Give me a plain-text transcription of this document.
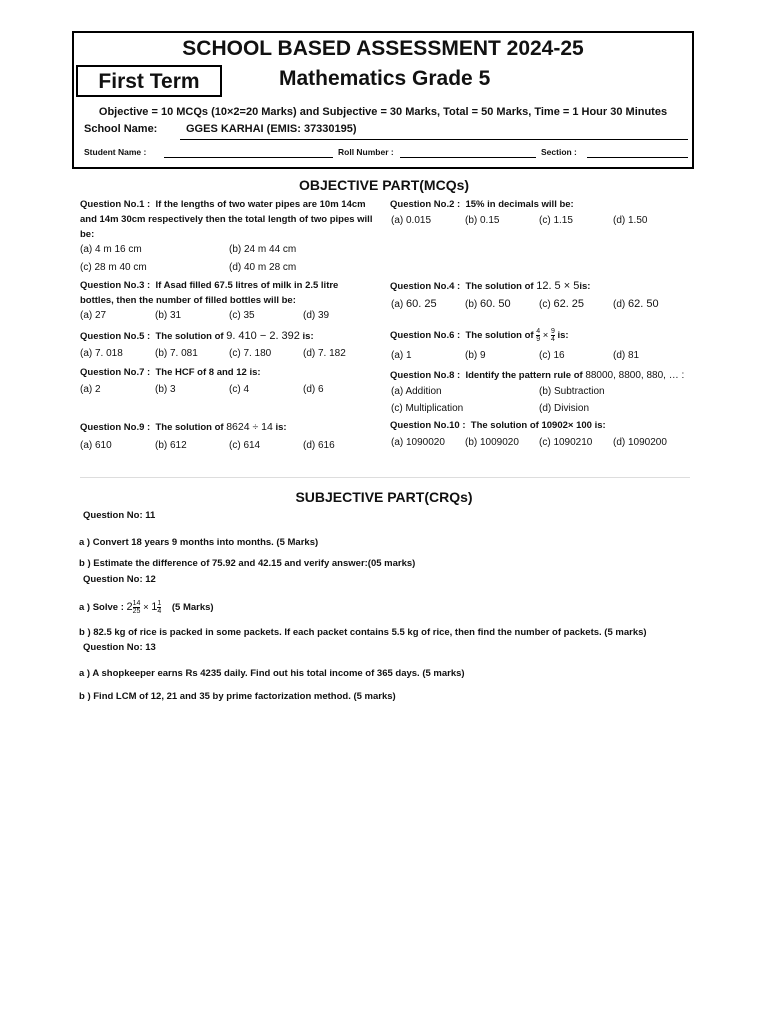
SCHOOL BASED ASSESSMENT 2024-25
First Term	Mathematics Grade 5
Objective = 10 MCQs (10×2=20 Marks) and Subjective = 30 Marks, Total = 50 Marks, Time = 1 Hour 30 Minutes
School Name:	GGES KARHAI (EMIS: 37330195)
Student Name :	Roll Number :	Section :
OBJECTIVE PART(MCQs)
Question No.1 : If the lengths of two water pipes are 10m 14cm
and 14m 30cm respectively then the total length of two pipes will
be:
(a) 4 m 16 cm	(b) 24 m 44 cm
(c) 28 m 40 cm	(d) 40 m 28 cm
Question No.2 : 15% in decimals will be:
(a) 0.015	(b) 0.15	(c) 1.15	(d) 1.50
Question No.3 : If Asad filled 67.5 litres of milk in 2.5 litre
bottles, then the number of filled bottles will be:
(a) 27	(b) 31	(c) 35	(d) 39
Question No.4 : The solution of 12. 5 × 5is:
(a) 60. 25	(b) 60. 50	(c) 62. 25	(d) 62. 50
Question No.5 : The solution of 9. 410 − 2. 392 is:
(a) 7. 018	(b) 7. 081	(c) 7. 180	(d) 7. 182
Question No.6 : The solution of $\frac{4}{9} \times \frac{9}{4}$ is:
(a) 1	(b) 9	(c) 16	(d) 81
Question No.7 : The HCF of 8 and 12 is:
(a) 2	(b) 3	(c) 4	(d) 6
Question No.8 : Identify the pattern rule of 88000, 8800, 880, … :
(a) Addition	(b) Subtraction
(c) Multiplication	(d) Division
Question No.9 : The solution of 8624 ÷ 14 is:
(a) 610	(b) 612	(c) 614	(d) 616
Question No.10 : The solution of 10902× 100 is:
(a) 1090020 (b) 1009020 (c) 1090210 (d) 1090200
SUBJECTIVE PART(CRQs)
Question No: 11
a ) Convert 18 years 9 months into months. (5 Marks)
b ) Estimate the difference of 75.92 and 42.15 and verify answer:(05 marks)
Question No: 12
a ) Solve : $2 \frac{14}{25} \times 1 \frac{1}{4} (5$ Marks)
b ) 82.5 kg of rice is packed in some packets. If each packet contains 5.5 kg of rice, then find the number of packets. (5 marks)
Question No: 13
a ) A shopkeeper earns Rs 4235 daily. Find out his total income of 365 days. (5 marks)
b ) Find LCM of 12, 21 and 35 by prime factorization method. (5 marks)
